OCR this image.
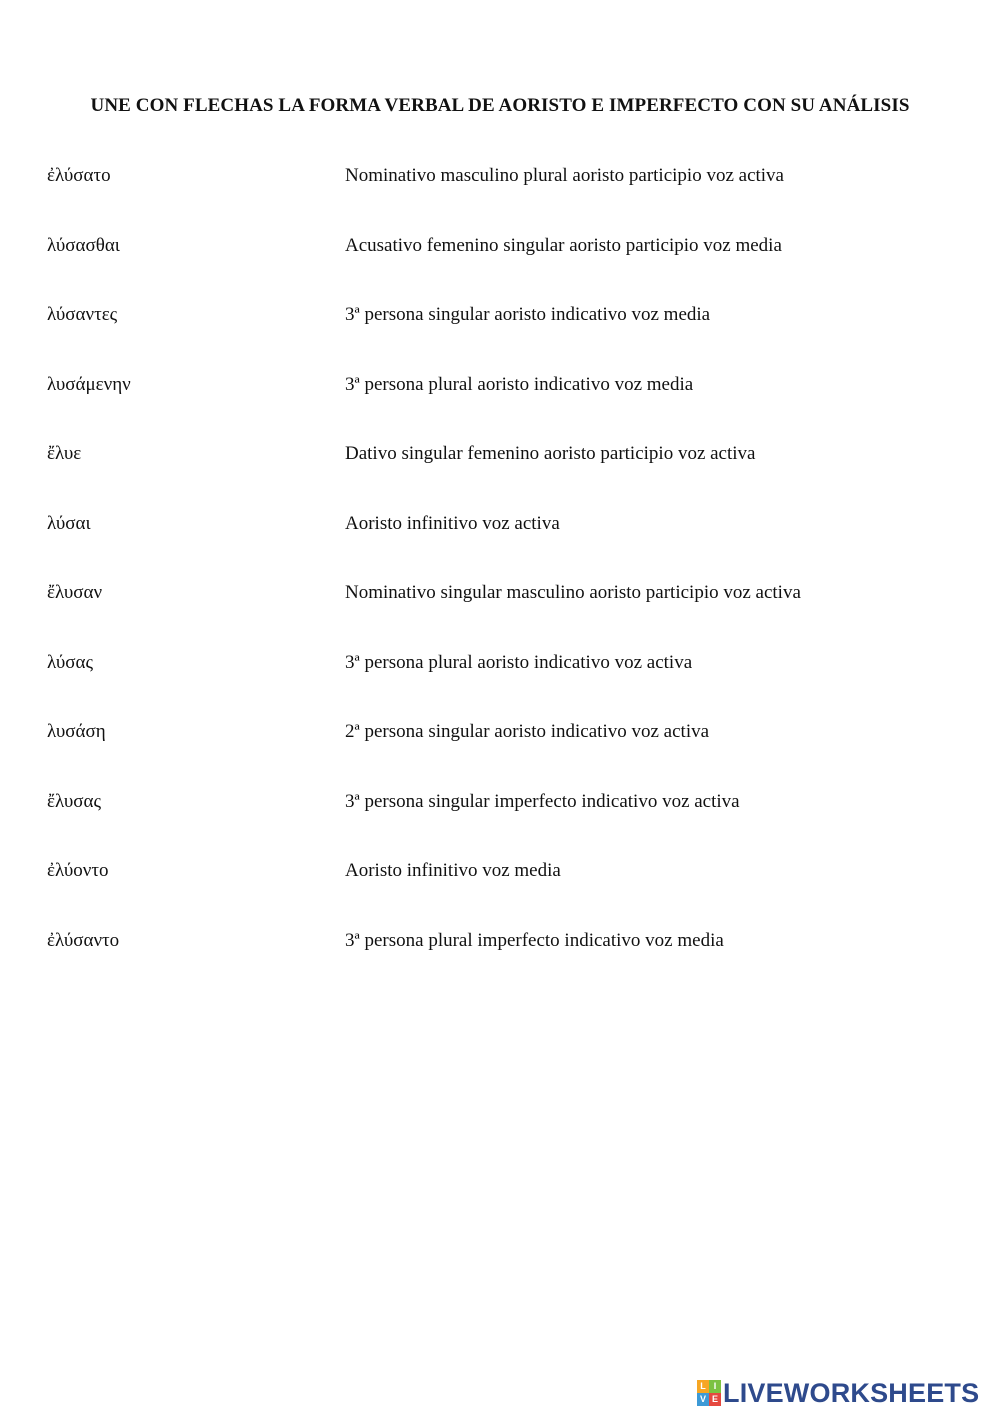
UNE CON FLECHAS LA FORMA VERBAL DE AORISTO E IMPERFECTO CON SU ANÁLISIS
ἐλύσατο	Nominativo masculino plural aoristo participio voz activa
λύσασθαι	Acusativo femenino singular aoristo participio voz media
λύσαντες	3ª persona singular aoristo indicativo voz media
λυσάμενην	3ª persona plural aoristo indicativo voz media
ἔλυε	Dativo singular femenino aoristo participio voz activa
λύσαι	Aoristo infinitivo voz activa
ἔλυσαν	Nominativo singular masculino aoristo participio voz activa
λύσας	3ª persona plural aoristo indicativo voz activa
λυσάση	2ª persona singular aoristo indicativo voz activa
ἔλυσας	3ª persona singular imperfecto indicativo voz activa
ἐλύοντο	Aoristo infinitivo voz media
ἐλύσαντο	3ª persona plural imperfecto indicativo voz media
L I
V E LIVEWORKSHEETS
